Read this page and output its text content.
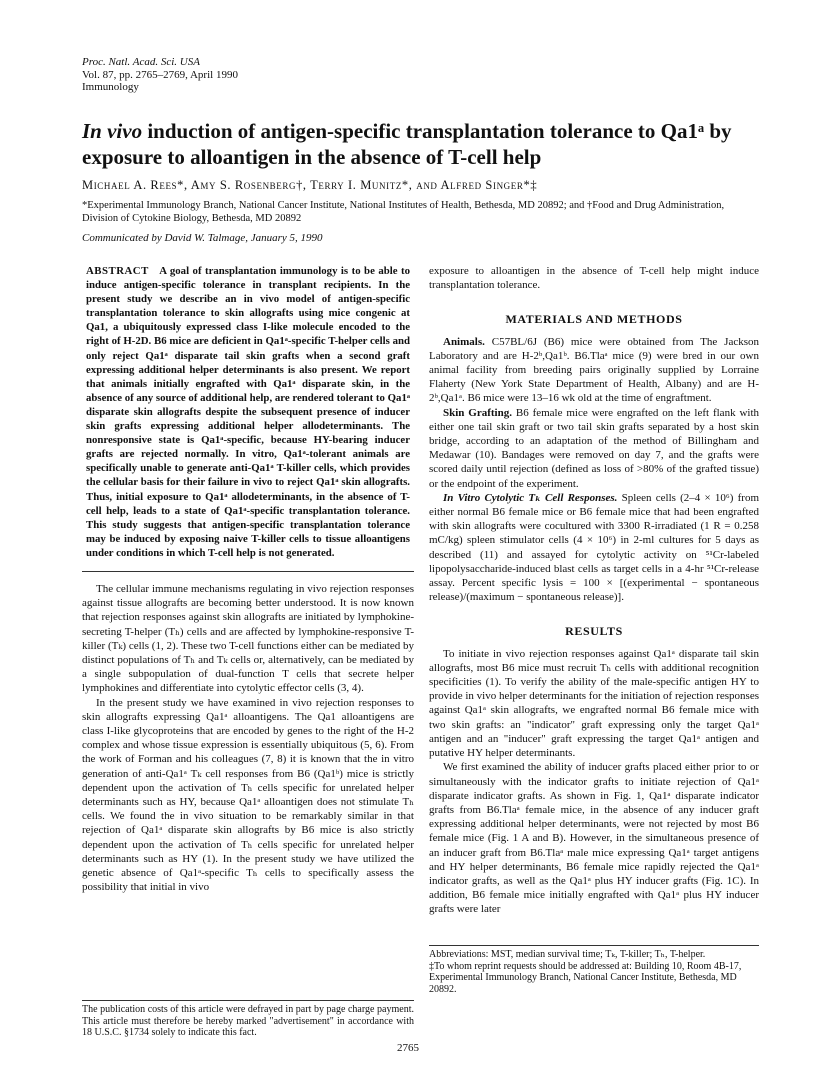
Proc. Natl. Acad. Sci. USA
Vol. 87, pp. 2765–2769, April 1990
Immunology
In vivo induction of antigen-specific transplantation tolerance to Qa1ᵃ by exposure to alloantigen in the absence of T-cell help
Michael A. Rees*, Amy S. Rosenberg†, Terry I. Munitz*, and Alfred Singer*‡
*Experimental Immunology Branch, National Cancer Institute, National Institutes of Health, Bethesda, MD 20892; and †Food and Drug Administration, Division of Cytokine Biology, Bethesda, MD 20892
Communicated by David W. Talmage, January 5, 1990
ABSTRACT A goal of transplantation immunology is to be able to induce antigen-specific tolerance in transplant recipients. In the present study we describe an in vivo model of antigen-specific transplantation tolerance to skin allografts using mice congenic at Qa1, a ubiquitously expressed class I-like molecule encoded to the right of H-2D. B6 mice are deficient in Qa1ᵃ-specific T-helper cells and only reject Qa1ᵃ disparate tail skin grafts when a second graft expressing additional helper determinants is also present. We report that animals initially engrafted with Qa1ᵃ disparate skin, in the absence of any source of additional help, are rendered tolerant to Qa1ᵃ disparate skin allografts despite the subsequent presence of inducer skin grafts expressing additional helper allodeterminants. The nonresponsive state is Qa1ᵃ-specific, because HY-bearing inducer grafts are rejected normally. In vitro, Qa1ᵃ-tolerant animals are specifically unable to generate anti-Qa1ᵃ T-killer cells, which provides the cellular basis for their failure in vivo to reject Qa1ᵃ skin allografts. Thus, initial exposure to Qa1ᵃ allodeterminants, in the absence of T-cell help, leads to a state of Qa1ᵃ-specific transplantation tolerance. This study suggests that antigen-specific transplantation tolerance may be induced by exposing naive T-killer cells to tissue alloantigens under conditions in which T-cell help is not generated.

The cellular immune mechanisms regulating in vivo rejection responses against tissue allografts are becoming better understood. It is now known that rejection responses against skin allografts are initiated by lymphokine-secreting T-helper (Tₕ) cells and are affected by lymphokine-responsive T-killer (Tₖ) cells (1, 2). These two T-cell functions either can be mediated by distinct populations of Tₕ and Tₖ cells or, alternatively, can be mediated by a single subpopulation of dual-function T cells that secrete helper lymphokines and differentiate into cytolytic effector cells (3, 4).

In the present study we have examined in vivo rejection responses to skin allografts expressing Qa1ᵃ alloantigens. The Qa1 alloantigens are class I-like glycoproteins that are encoded by genes to the right of the H-2 complex and whose tissue expression is essentially ubiquitous (5, 6). From the work of Forman and his colleagues (7, 8) it is known that the in vitro generation of anti-Qa1ᵃ Tₖ cell responses from B6 (Qa1ᵇ) mice is strictly dependent upon the activation of Tₕ cells specific for unrelated helper determinants such as HY, because Qa1ᵃ alloantigen does not stimulate Tₕ cells. We found the in vivo situation to be remarkably similar in that rejection of Qa1ᵃ disparate skin allografts by B6 mice is also strictly dependent upon the activation of Tₕ cells specific for unrelated helper determinants such as HY (1). In the present study we have utilized the genetic absence of Qa1ᵃ-specific Tₕ cells to specifically assess the possibility that initial in vivo

exposure to alloantigen in the absence of T-cell help might induce transplantation tolerance.

MATERIALS AND METHODS

Animals. C57BL/6J (B6) mice were obtained from The Jackson Laboratory and are H-2ᵇ,Qa1ᵇ. B6.Tlaᵃ mice (9) were bred in our own animal facility from breeding pairs originally supplied by Lorraine Flaherty (New York State Department of Health, Albany) and are H-2ᵇ,Qa1ᵃ. B6 mice were 13–16 wk old at the time of engraftment.

Skin Grafting. B6 female mice were engrafted on the left flank with either one tail skin graft or two tail skin grafts separated by a host skin bridge, according to an adaptation of the method of Billingham and Medawar (10). Bandages were removed on day 7, and the grafts were scored daily until rejection (defined as loss of >80% of the grafted tissue) or the endpoint of the experiment.

In Vitro Cytolytic Tₖ Cell Responses. Spleen cells (2–4 × 10⁶) from either normal B6 female mice or B6 female mice that had been engrafted with skin allografts were cocultured with 3300 R-irradiated (1 R = 0.258 mC/kg) spleen stimulator cells (4 × 10⁶) in 2-ml cultures for 5 days as described (11) and assayed for cytolytic activity on ⁵¹Cr-labeled lipopolysaccharide-induced blast cells as target cells in a 4-hr ⁵¹Cr-release assay. Percent specific lysis = 100 × [(experimental − spontaneous release)/(maximum − spontaneous release)].

RESULTS

To initiate in vivo rejection responses against Qa1ᵃ disparate tail skin allografts, most B6 mice must recruit Tₕ cells with additional recognition specificities (1). To verify the ability of the male-specific antigen HY to provide in vivo helper determinants for the initiation of rejection responses against Qa1ᵃ skin allografts, we engrafted normal B6 female mice with two skin grafts: an "indicator" graft expressing only the target Qa1ᵃ antigen and an "inducer" graft expressing the target Qa1ᵃ antigen and putative HY helper determinants.

We first examined the ability of inducer grafts placed either prior to or simultaneously with the indicator grafts to initiate rejection of Qa1ᵃ disparate indicator grafts. As shown in Fig. 1, Qa1ᵃ disparate indicator grafts from B6.Tlaᵃ female mice, in the absence of any inducer graft expressing additional helper determinants, were not rejected by most B6 female mice (Fig. 1 A and B). However, in the simultaneous presence of an inducer graft from B6.Tlaᵃ male mice expressing Qa1ᵃ target antigens and HY helper determinants, B6 female mice rapidly rejected the Qa1ᵃ indicator grafts, as well as the Qa1ᵃ plus HY inducer grafts (Fig. 1C). In addition, B6 female mice initially engrafted with Qa1ᵃ plus HY inducer grafts were later

The publication costs of this article were defrayed in part by page charge payment. This article must therefore be hereby marked "advertisement" in accordance with 18 U.S.C. §1734 solely to indicate this fact.
Abbreviations: MST, median survival time; Tₖ, T-killer; Tₕ, T-helper.
‡To whom reprint requests should be addressed at: Building 10, Room 4B-17, Experimental Immunology Branch, National Cancer Institute, Bethesda, MD 20892.
2765
